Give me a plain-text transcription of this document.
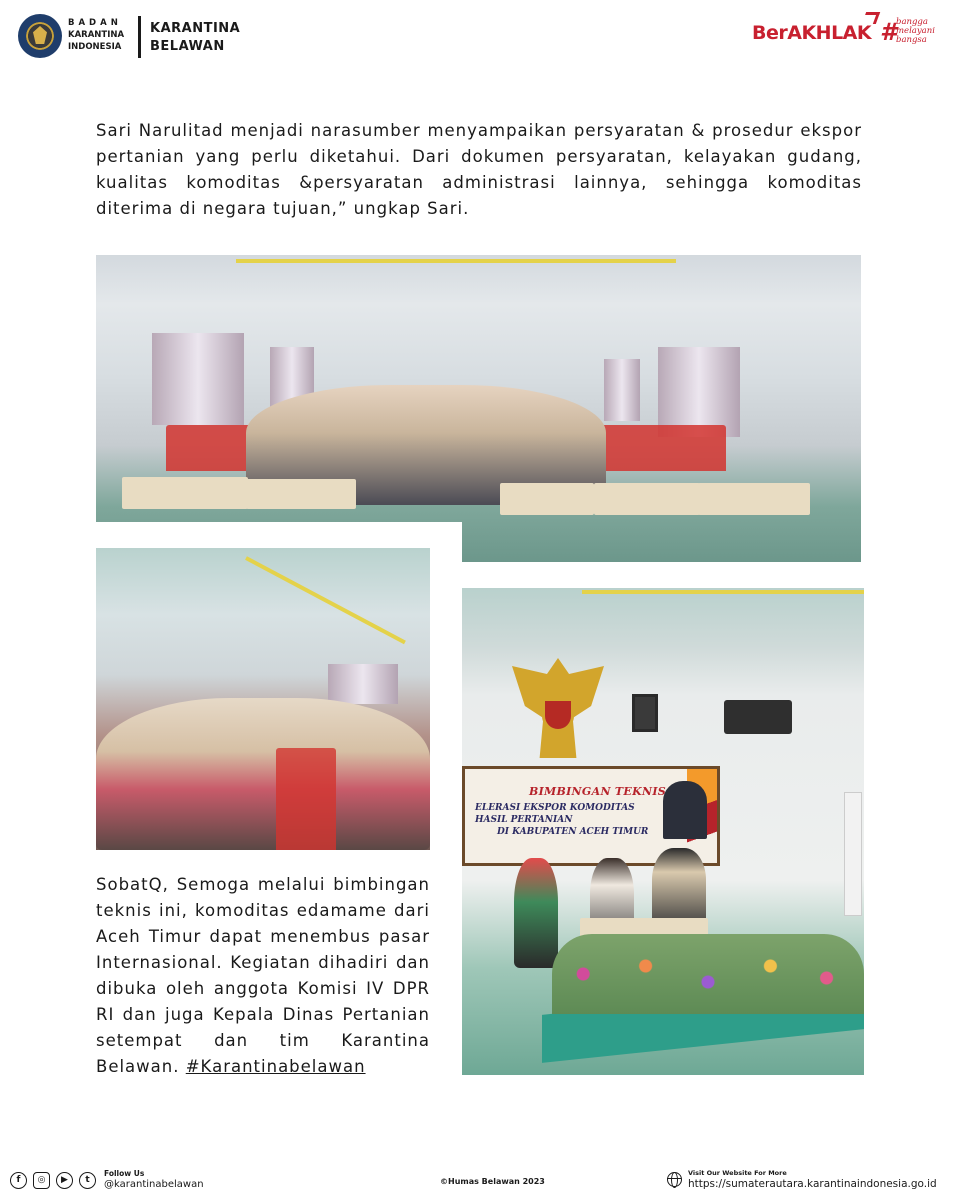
BADAN
KARANTINA
INDONESIA
KARANTINA
BELAWAN
BerAKHLAK # bangga
melayani
bangsa

Sari Narulitad menjadi narasumber menyampaikan persyaratan & prosedur ekspor pertanian yang perlu diketahui. Dari dokumen persyaratan, kelayakan gudang, kualitas komoditas &persyaratan administrasi lainnya, sehingga komoditas diterima di negara tujuan,” ungkap Sari.

BIMBINGAN TEKNIS
ELERASI EKSPOR KOMODITAS HASIL PERTANIAN
DI KABUPATEN ACEH TIMUR

SobatQ, Semoga melalui bimbingan teknis ini, komoditas edamame dari Aceh Timur dapat menembus pasar Internasional. Kegiatan dihadiri dan dibuka oleh anggota Komisi IV DPR RI dan juga Kepala Dinas Pertanian setempat dan tim Karantina Belawan. #Karantinabelawan

f	◎	▶	t
Follow Us
@karantinabelawan	©Humas Belawan 2023
Visit Our Website For More
https://sumaterautara.karantinaindonesia.go.id
